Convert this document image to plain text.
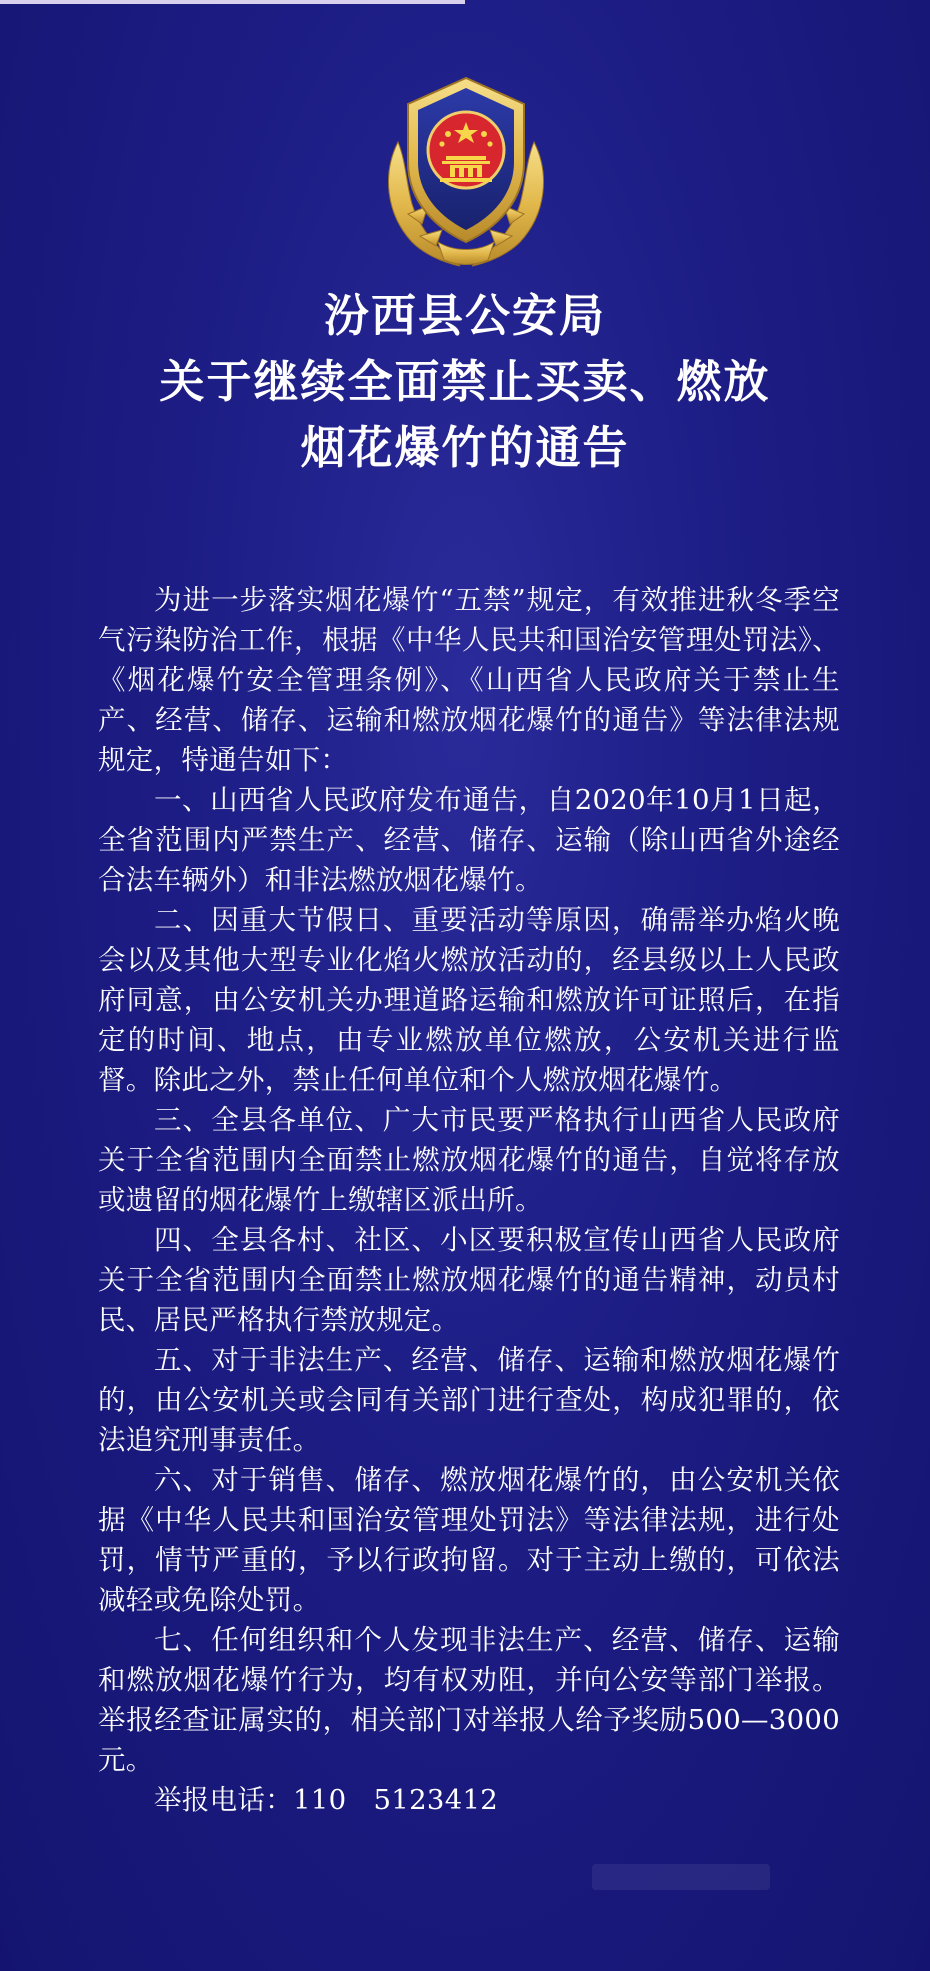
汾西县公安局
关于继续全面禁止买卖、燃放
烟花爆竹的通告

为进一步落实烟花爆竹“五禁”规定，有效推进秋冬季空气污染防治工作，根据《中华人民共和国治安管理处罚法》、《烟花爆竹安全管理条例》、《山西省人民政府关于禁止生产、经营、储存、运输和燃放烟花爆竹的通告》等法律法规规定，特通告如下：

一、山西省人民政府发布通告，自2020年10月1日起，全省范围内严禁生产、经营、储存、运输（除山西省外途经合法车辆外）和非法燃放烟花爆竹。

二、因重大节假日、重要活动等原因，确需举办焰火晚会以及其他大型专业化焰火燃放活动的，经县级以上人民政府同意，由公安机关办理道路运输和燃放许可证照后，在指定的时间、地点，由专业燃放单位燃放，公安机关进行监督。除此之外，禁止任何单位和个人燃放烟花爆竹。

三、全县各单位、广大市民要严格执行山西省人民政府关于全省范围内全面禁止燃放烟花爆竹的通告，自觉将存放或遗留的烟花爆竹上缴辖区派出所。

四、全县各村、社区、小区要积极宣传山西省人民政府关于全省范围内全面禁止燃放烟花爆竹的通告精神，动员村民、居民严格执行禁放规定。

五、对于非法生产、经营、储存、运输和燃放烟花爆竹的，由公安机关或会同有关部门进行查处，构成犯罪的，依法追究刑事责任。

六、对于销售、储存、燃放烟花爆竹的，由公安机关依据《中华人民共和国治安管理处罚法》等法律法规，进行处罚，情节严重的，予以行政拘留。对于主动上缴的，可依法减轻或免除处罚。

七、任何组织和个人发现非法生产、经营、储存、运输和燃放烟花爆竹行为，均有权劝阻，并向公安等部门举报。举报经查证属实的，相关部门对举报人给予奖励500—3000元。

举报电话：110   5123412
